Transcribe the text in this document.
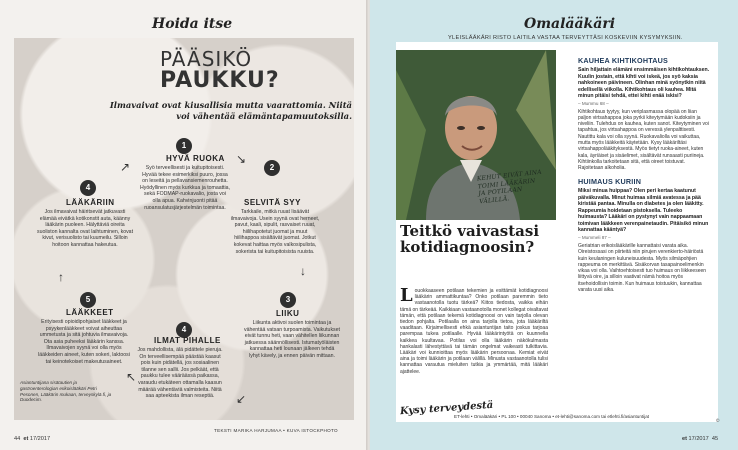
Hoida itse
PÄÄSIKÖ
PAUKKU?
Ilmavaivat ovat kiusallisia mutta vaarattomia. Niitä voi vähentää elämäntapamuutoksilla.
1
HYVÄ RUOKA
Syö terveellisesti ja kuitupitoisesti. Hyvää tekee esimerkiksi puuro, jossa on leseitä ja pellavansiemenrouhetta. Hyödyllinen myös kurkkua ja tomaattia, sekä FODMAP-ruokavalio, josta voi olla apua. Kahvinjuonti pitää ruoansulatusjärjestelmän toimintaa.
2
SELVITÄ SYY
Tarkkaile, mitkä ruuat lisäävät ilmavaivoja. Usein syynä ovat herneet, pavut, kaali, sipulit, rasvaiset ruuat, hiilihapotetut juomat ja muut hiilihappoa sisältävät juomat. Jotkut kokevat haittaa myös valkosipulista, sokerista tai kuitupitoisista ruuista.
3
LIIKU
Liikunta aktivoi suolen toimintaa ja vähentää vatsan turpoamista. Vaikutukset eivät tunnu heti, vaan vähitellen liikunnan jatkuessa säännöllisesti. Istumatyöläisten kannattaa heti lounaan jälkeen tehdä lyhyt kävely, ja ennen päivän mittaan.
4
ILMAT PIHALLE
Jos mahdollista, älä pidättele pieruja. On terveellisempää päästää kaasut pois kuin pidätellä, jos sosiaalinen tilanne sen sallii. Jos pelkäät, että paukku tulee vääräässä paikassa, varaudu etukäteen ottamalla kaasun määrää vähentäviä valmisteita. Niitä saa apteekista ilman reseptiä.
5
LÄÄKKEET
Erityisesti opioidipohjaiset lääkkeet ja psyykenlääkkeet voivat aiheuttaa ummetusta ja sitä johtuvia ilmavaivoja. Ota asia puheeksi lääkärin kanssa. Ilmavaivojen syynä voi olla myös lääkkeiden aineet, kuten sokeri, laktoosi tai keinotekoiset makeutusaineet.
4
LÄÄKÄRIIN
Jos ilmavaivat häiritsevät jatkuvasti elämää eivätkä kotikonstit auta, käänny lääkärin puoleen. Hälyttäviä oireita suoliston kannalta ovat laihtuminen, kovat kivut, verisuolisto tai kuumeilu. Silloin hoitoon kannattaa hakeutua.
↗
↘
↓
↙
↖
↑
Asiantuntijana sisätautien ja gastroenterologian erikoislääkäri Petri Pesonen, Lääkärin mukaan, terveyskylä.fi, ja Duodecim.
TEKSTI MARIKA HARJUMAA • KUVA ISTOCKPHOTO
44 et 17/2017
Omalääkäri
YLEISLÄÄKÄRI RISTO LAITILA VASTAA TERVEYTTÄSI KOSKEVIIN KYSYMYKSIIN.
KEHUT EIVÄT AINA TOIMI LÄÄKÄRIN JA POTILAAN VÄLILLÄ.
KAUHEA KIHTIKOHTAUS

Sain hiljattain elämäni ensimmäisen kihtikohtauksen. Kuulin jostain, että kihti voi iskeä, jos syö kaksia nahkoineen päivineen. Olinhan minä syönytkin niitä edellisellä viikolla. Kihtikohtaus oli kauhea. Mitä minun pitäisi tehdä, ettei kihti enää iskisi?

– Mummu 68 –

Kihtikohtaus tyytyy, kun veriplasmassa olopää on liian paljon virtsahappoa joka pyrkii kiteytymään kudoksiin ja niveliin. Tulehdus on kauhea, kuten sanot. Kiteytyminen voi tapahtua, jos virtsahappoa on veressä ylenpalttisesti. Nautittu kala voi olla syynä. Ruokavaliolla voi vaikuttaa, mutta myös lääkkeitä käytetään. Kysy lääkäriltäsi virtsahappolääkityksestä. Myös tietyt ruoka-aineet, kuten kala, äyriäiset ja sisäelimet, sisältävät runsaasti puriineja. Kihtiinkolla tarkoitetaan sitä, että oireet toistuvat. Rajoitetaan alkoholia.

HUIMAUS KURIIN

Miksi minua huippaa? Olen peri kertaa kaatunut päiväkuvalla. Minut huimaa silmiä avatessa ja pää kiristää pantaa. Minulla on diabetes ja olen lääkitty. Rappeumia hoidetaan pistoksella. Tuleeko huimausta? Lääkäri on pystynyt vain nappaamaan toimivan lääkkeen verenpainetaudin. Pitäisikö minun kannattaa kääntyä?

– Mummeli 87 –

Geriatrian erikoislääkärille kannattaisi varata aika. Oireistossasi on piirteitä niin pirujen verenkierto-häiriöstä kuin keulaningen kuluneisuudesta. Myös silmäpohjien rappeuma on merkittävä. Sisäkorvan tasapainoelimenkin vikaa voi olla. Vaihtoehtoisesti tuo huimaus on liikkeeseen liittyvä oire, ja silloin vaativat nämä hoitoa myös itsehoidollisin toimin. Kun huimaus toistuukin, kannattaa varata uusi aika.

Teitkö vaivastasi kotidiagnoosin?
L ouokkaaseen potilaan tekemien ja esittämät kotidiagnoosi lääkärin ammattikuntaa? Onko potilaan paremmin tieto vastaanotolla tuotu tärkeä? Kiitos tiedosta, vaikka eihän tämä on tärkeää. Kaikkiaan vastaanotolla monet kollegat oivaltavat tämän, että potilaan tekemä kotidiagnoosi on vain tarjolla olevan tiedon pohjalta. Potilaalla on aina tarjolla tietoa, jota lääkäriltä vaaditaan. Kirjaimellisesti ehkä asiantuntijan taito joskus tarjoaa parempaa tukea potilaalle. Hyvää lääkärintyötä on kuunnella kaikkea kuultavaa. Potilas voi olla lääkärin näkökulmasta hankalasti lähestyttävä tai tämän ongelmat vaikeasti tulkittavia. Lääkäri voi kunnioittaa myös lääkärin persoonaa. Kemiat eivät aina ja toimi lääkärin ja potilaan välillä. Minusta vastaanotolla tulisi kannattaa varautua mieluiten tutkia ja ymmärtää, mitä lääkäri ajattelee.
Kysy terveydestä
ET-lehti • Omalääkäri • PL 100 • 00040 Sanoma • et-lehti@sanoma.com tai etlehti.fi/asiantuntijat
©
et 17/2017 45
